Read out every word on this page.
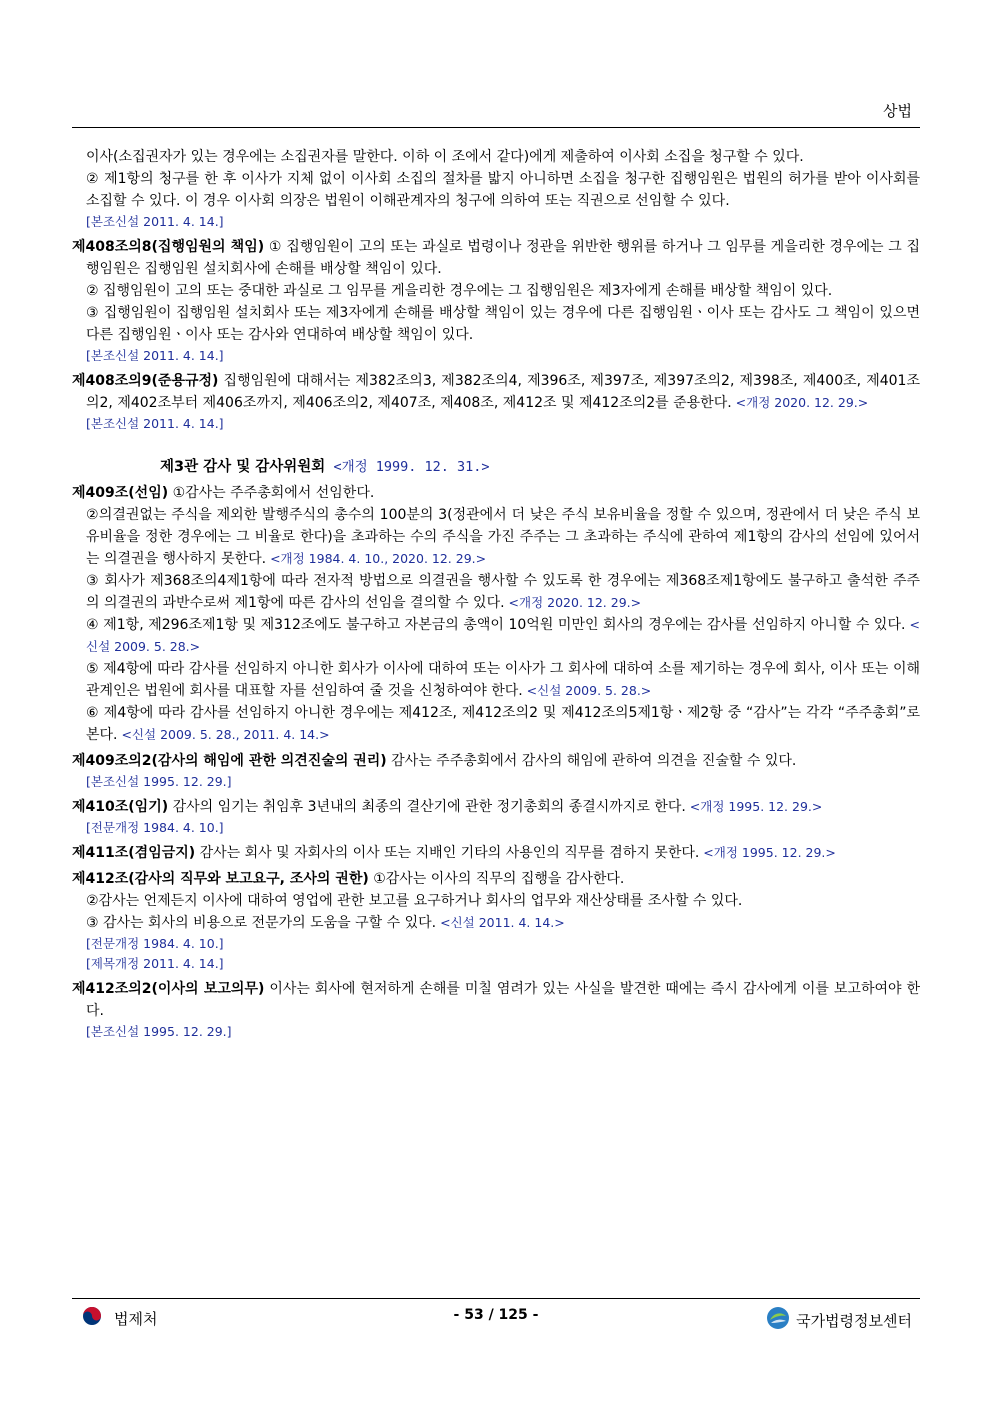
상법
이사(소집권자가 있는 경우에는 소집권자를 말한다. 이하 이 조에서 같다)에게 제출하여 이사회 소집을 청구할 수 있다.
② 제1항의 청구를 한 후 이사가 지체 없이 이사회 소집의 절차를 밟지 아니하면 소집을 청구한 집행임원은 법원의 허가를 받아 이사회를 소집할 수 있다. 이 경우 이사회 의장은 법원이 이해관계자의 청구에 의하여 또는 직권으로 선임할 수 있다.
[본조신설 2011. 4. 14.]
제408조의8(집행임원의 책임) ① 집행임원이 고의 또는 과실로 법령이나 정관을 위반한 행위를 하거나 그 임무를 게을리한 경우에는 그 집행임원은 집행임원 설치회사에 손해를 배상할 책임이 있다.
② 집행임원이 고의 또는 중대한 과실로 그 임무를 게을리한 경우에는 그 집행임원은 제3자에게 손해를 배상할 책임이 있다.
③ 집행임원이 집행임원 설치회사 또는 제3자에게 손해를 배상할 책임이 있는 경우에 다른 집행임원ㆍ이사 또는 감사도 그 책임이 있으면 다른 집행임원ㆍ이사 또는 감사와 연대하여 배상할 책임이 있다.
[본조신설 2011. 4. 14.]
제408조의9(준용규정) 집행임원에 대해서는 제382조의3, 제382조의4, 제396조, 제397조, 제397조의2, 제398조, 제400조, 제401조의2, 제402조부터 제406조까지, 제406조의2, 제407조, 제408조, 제412조 및 제412조의2를 준용한다. <개정 2020. 12. 29.>
[본조신설 2011. 4. 14.]
제3관 감사 및 감사위원회 <개정 1999. 12. 31.>
제409조(선임) ①감사는 주주총회에서 선임한다.
②의결권없는 주식을 제외한 발행주식의 총수의 100분의 3(정관에서 더 낮은 주식 보유비율을 정할 수 있으며, 정관에서 더 낮은 주식 보유비율을 정한 경우에는 그 비율로 한다)을 초과하는 수의 주식을 가진 주주는 그 초과하는 주식에 관하여 제1항의 감사의 선임에 있어서는 의결권을 행사하지 못한다. <개정 1984. 4. 10., 2020. 12. 29.>
③ 회사가 제368조의4제1항에 따라 전자적 방법으로 의결권을 행사할 수 있도록 한 경우에는 제368조제1항에도 불구하고 출석한 주주의 의결권의 과반수로써 제1항에 따른 감사의 선임을 결의할 수 있다. <개정 2020. 12. 29.>
④ 제1항, 제296조제1항 및 제312조에도 불구하고 자본금의 총액이 10억원 미만인 회사의 경우에는 감사를 선임하지 아니할 수 있다. <신설 2009. 5. 28.>
⑤ 제4항에 따라 감사를 선임하지 아니한 회사가 이사에 대하여 또는 이사가 그 회사에 대하여 소를 제기하는 경우에 회사, 이사 또는 이해관계인은 법원에 회사를 대표할 자를 선임하여 줄 것을 신청하여야 한다. <신설 2009. 5. 28.>
⑥ 제4항에 따라 감사를 선임하지 아니한 경우에는 제412조, 제412조의2 및 제412조의5제1항ㆍ제2항 중 “감사”는 각각 “주주총회”로 본다. <신설 2009. 5. 28., 2011. 4. 14.>
제409조의2(감사의 해임에 관한 의견진술의 권리) 감사는 주주총회에서 감사의 해임에 관하여 의견을 진술할 수 있다.
[본조신설 1995. 12. 29.]
제410조(임기) 감사의 임기는 취임후 3년내의 최종의 결산기에 관한 정기총회의 종결시까지로 한다. <개정 1995. 12. 29.>
[전문개정 1984. 4. 10.]
제411조(겸임금지) 감사는 회사 및 자회사의 이사 또는 지배인 기타의 사용인의 직무를 겸하지 못한다. <개정 1995. 12. 29.>
제412조(감사의 직무와 보고요구, 조사의 권한) ①감사는 이사의 직무의 집행을 감사한다.
②감사는 언제든지 이사에 대하여 영업에 관한 보고를 요구하거나 회사의 업무와 재산상태를 조사할 수 있다.
③ 감사는 회사의 비용으로 전문가의 도움을 구할 수 있다. <신설 2011. 4. 14.>
[전문개정 1984. 4. 10.]
[제목개정 2011. 4. 14.]
제412조의2(이사의 보고의무) 이사는 회사에 현저하게 손해를 미칠 염려가 있는 사실을 발견한 때에는 즉시 감사에게 이를 보고하여야 한다.
[본조신설 1995. 12. 29.]
법제처	- 53 / 125 -	국가법령정보센터
